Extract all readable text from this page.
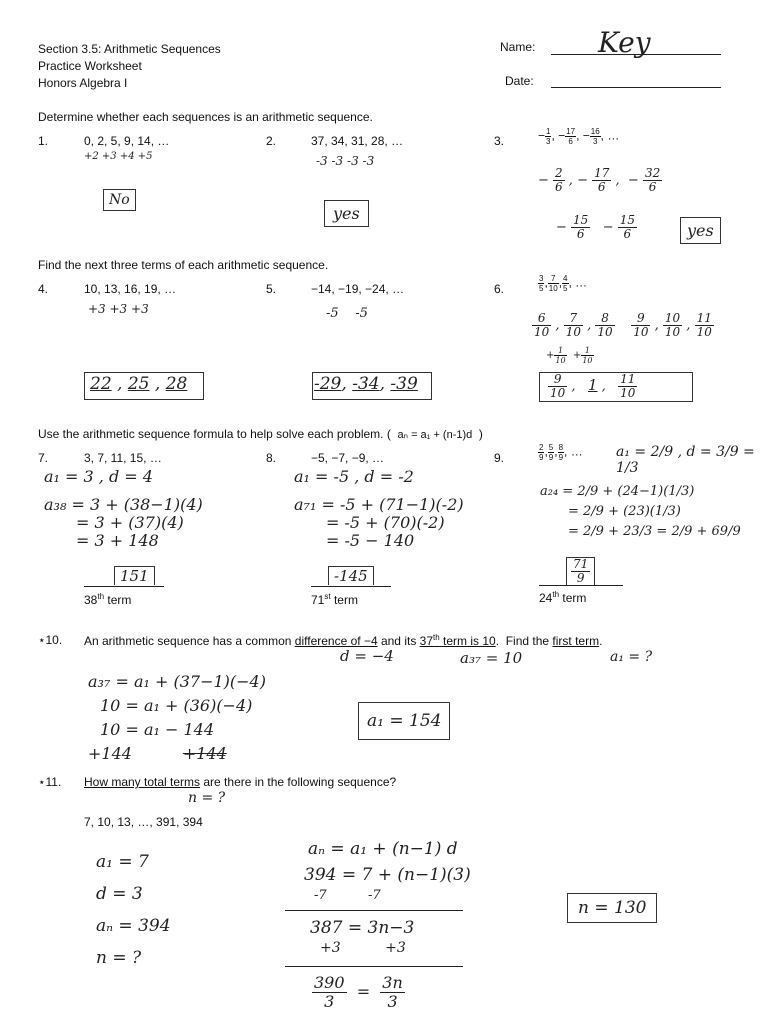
Section 3.5: Arithmetic Sequences
Practice Worksheet
Honors Algebra I
Name: Key
Date:
Determine whether each sequences is an arithmetic sequence.
1.	0, 2, 5, 9, 14, …
+2 +3 +4 +5
No
2.	37, 34, 31, 28, …
-3 -3 -3 -3
yes
3.	− $\frac{1}{3}$ , − $\frac{17}{6}$ , − $\frac{16}{3}$ , …
− $\frac{2}{6}$ , − $\frac{17}{6}$ ,  − $\frac{32}{6}$
− $\frac{15}{6} - \frac{15}{6}$	yes
Find the next three terms of each arithmetic sequence.
4.	10, 13, 16, 19, …
+3 +3 +3
22 , 25 , 28
5.	−14, −19, −24, …
-5    -5
-29, -34, -39
6.	$\frac{3}{5}$ , $\frac{7}{10}$ , $\frac{4}{5}$ , …
$\frac{6}{10}$ , $\frac{7}{10}$ , $\frac{8}{10}$
$\frac{9}{10}$ , $\frac{10}{10}$ , $\frac{11}{10}$
+ $\frac{1}{10} + \frac{1}{10}$
$\frac{9}{10}$ ,   1 , $\frac{11}{10}$
Use the arithmetic sequence formula to help solve each problem. (  aₙ = a₁ + (n-1)d  )
7.	3, 7, 11, 15, …
a₁ = 3 , d = 4
a₃₈ = 3 + (38−1)(4)
= 3 + (37)(4)
= 3 + 148
151
38th term
8.	−5, −7, −9, …
a₁ = -5 , d = -2
a₇₁ = -5 + (71−1)(-2)
= -5 + (70)(-2)
= -5 − 140
-145
71st term
9.	$\frac{2}{9}$ , $\frac{5}{9}$ , $\frac{8}{9}$ , … a₁ = 2/9 , d = 3/9 = 1/3
a₂₄ = 2/9 + (24−1)(1/3)
= 2/9 + (23)(1/3)
= 2/9 + 23/3 = 2/9 + 69/9
$\frac{71}{9}$
24th term
⋆10. An arithmetic sequence has a common difference of −4 and its 37th term is 10.  Find the first term.
d = −4	a₃₇ = 10	a₁ = ?
a₃₇ = a₁ + (37−1)(−4)
10 = a₁ + (36)(−4)
10 = a₁ − 144
+144	+144
a₁ = 154
⋆11. How many total terms are there in the following sequence?
n = ?
7, 10, 13, …, 391, 394
a₁ = 7
d = 3
aₙ = 394
n = ?
aₙ = a₁ + (n−1) d
394 = 7 + (n−1)(3)
-7	-7
387 = 3n−3
+3	+3
$\frac{390}{3} = \frac{3n}{3}$
n = 130
